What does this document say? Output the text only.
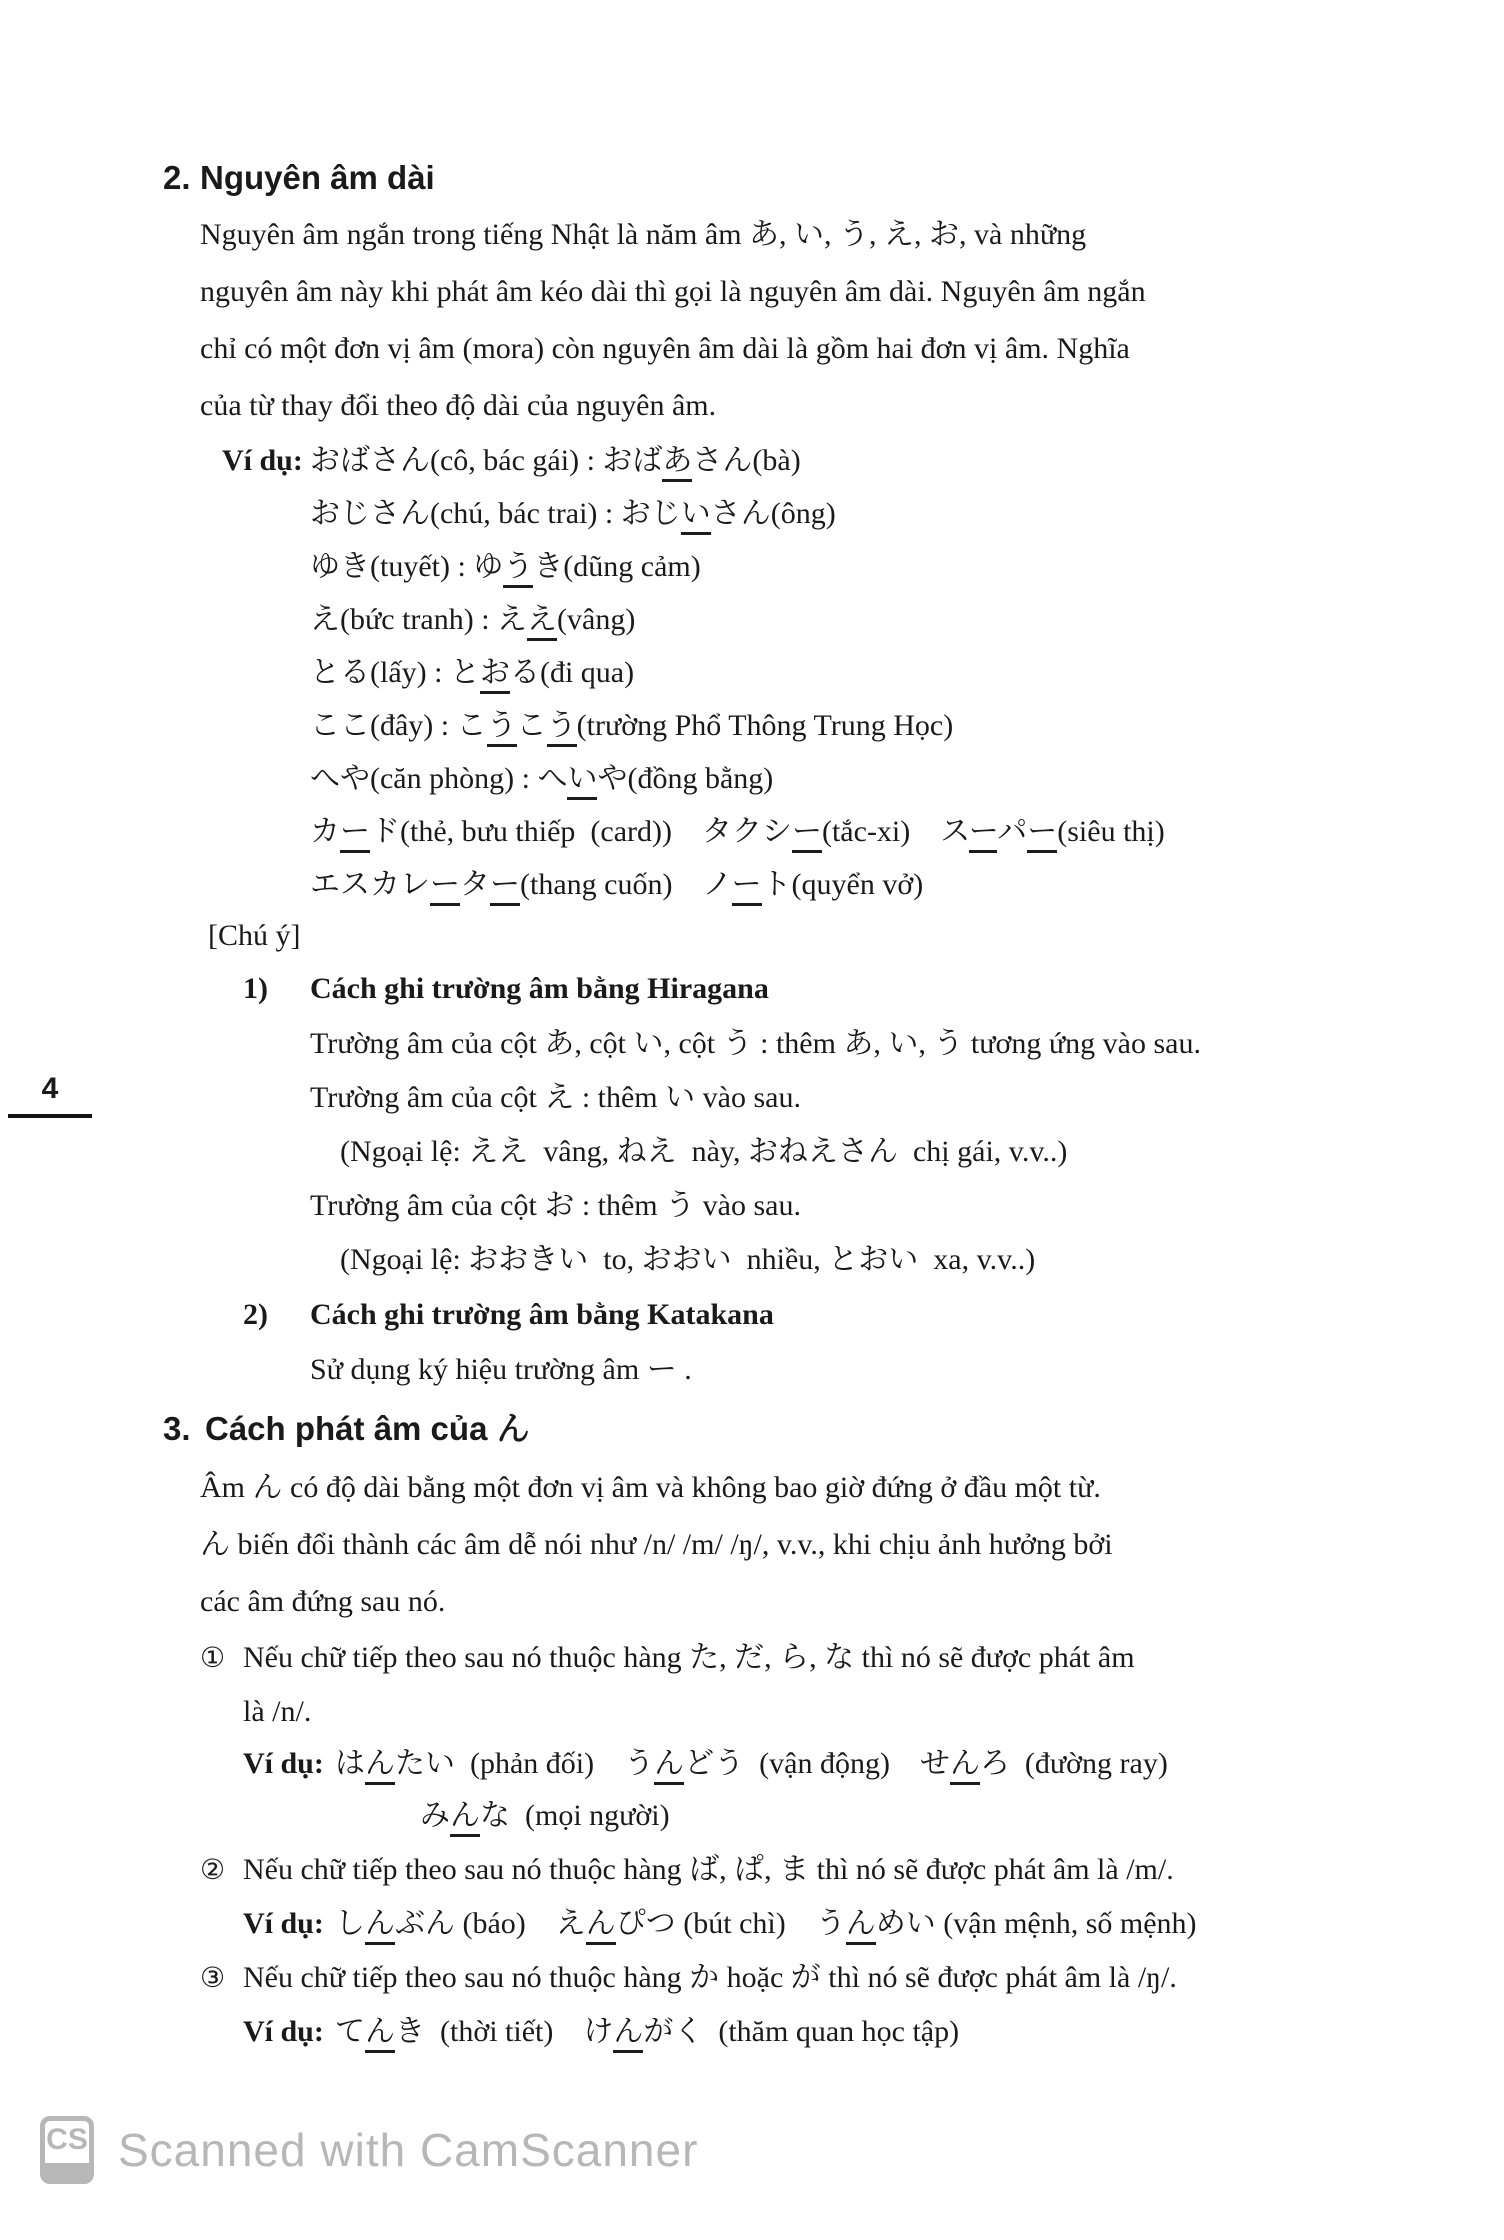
4
2. Nguyên âm dài
Nguyên âm ngắn trong tiếng Nhật là năm âm あ, い, う, え, お, và những
nguyên âm này khi phát âm kéo dài thì gọi là nguyên âm dài. Nguyên âm ngắn
chỉ có một đơn vị âm (mora) còn nguyên âm dài là gồm hai đơn vị âm. Nghĩa
của từ thay đổi theo độ dài của nguyên âm.
Ví dụ: おばさん(cô, bác gái) : おばあさん(bà)
おじさん(chú, bác trai) : おじいさん(ông)
ゆき(tuyết) : ゆうき(dũng cảm)
え(bức tranh) : ええ(vâng)
とる(lấy) : とおる(đi qua)
ここ(đây) : こうこう(trường Phổ Thông Trung Học)
へや(căn phòng) : へいや(đồng bằng)
カード(thẻ, bưu thiếp  (card))    タクシー(tắc-xi)    スーパー(siêu thị)
エスカレーター(thang cuốn)    ノート(quyển vở)
[Chú ý]
1)	Cách ghi trường âm bằng Hiragana
Trường âm của cột あ, cột い, cột う : thêm あ, い, う tương ứng vào sau.
Trường âm của cột え : thêm い vào sau.
(Ngoại lệ: ええ  vâng, ねえ  này, おねえさん  chị gái, v.v..)
Trường âm của cột お : thêm う vào sau.
(Ngoại lệ: おおきい  to, おおい  nhiều, とおい  xa, v.v..)
2)	Cách ghi trường âm bằng Katakana
Sử dụng ký hiệu trường âm ー .
3. Cách phát âm của ん
Âm ん có độ dài bằng một đơn vị âm và không bao giờ đứng ở đầu một từ.
ん biến đổi thành các âm dễ nói như /n/ /m/ /ŋ/, v.v., khi chịu ảnh hưởng bởi
các âm đứng sau nó.
① Nếu chữ tiếp theo sau nó thuộc hàng た, だ, ら, な thì nó sẽ được phát âm
là /n/.
Ví dụ: はんたい  (phản đối)    うんどう  (vận động)    せんろ  (đường ray)
みんな  (mọi người)
② Nếu chữ tiếp theo sau nó thuộc hàng ば, ぱ, ま thì nó sẽ được phát âm là /m/.
Ví dụ: しんぶん (báo)    えんぴつ (bút chì)    うんめい (vận mệnh, số mệnh)
③ Nếu chữ tiếp theo sau nó thuộc hàng か hoặc が thì nó sẽ được phát âm là /ŋ/.
Ví dụ: てんき  (thời tiết)    けんがく  (thăm quan học tập)
CS Scanned with CamScanner
